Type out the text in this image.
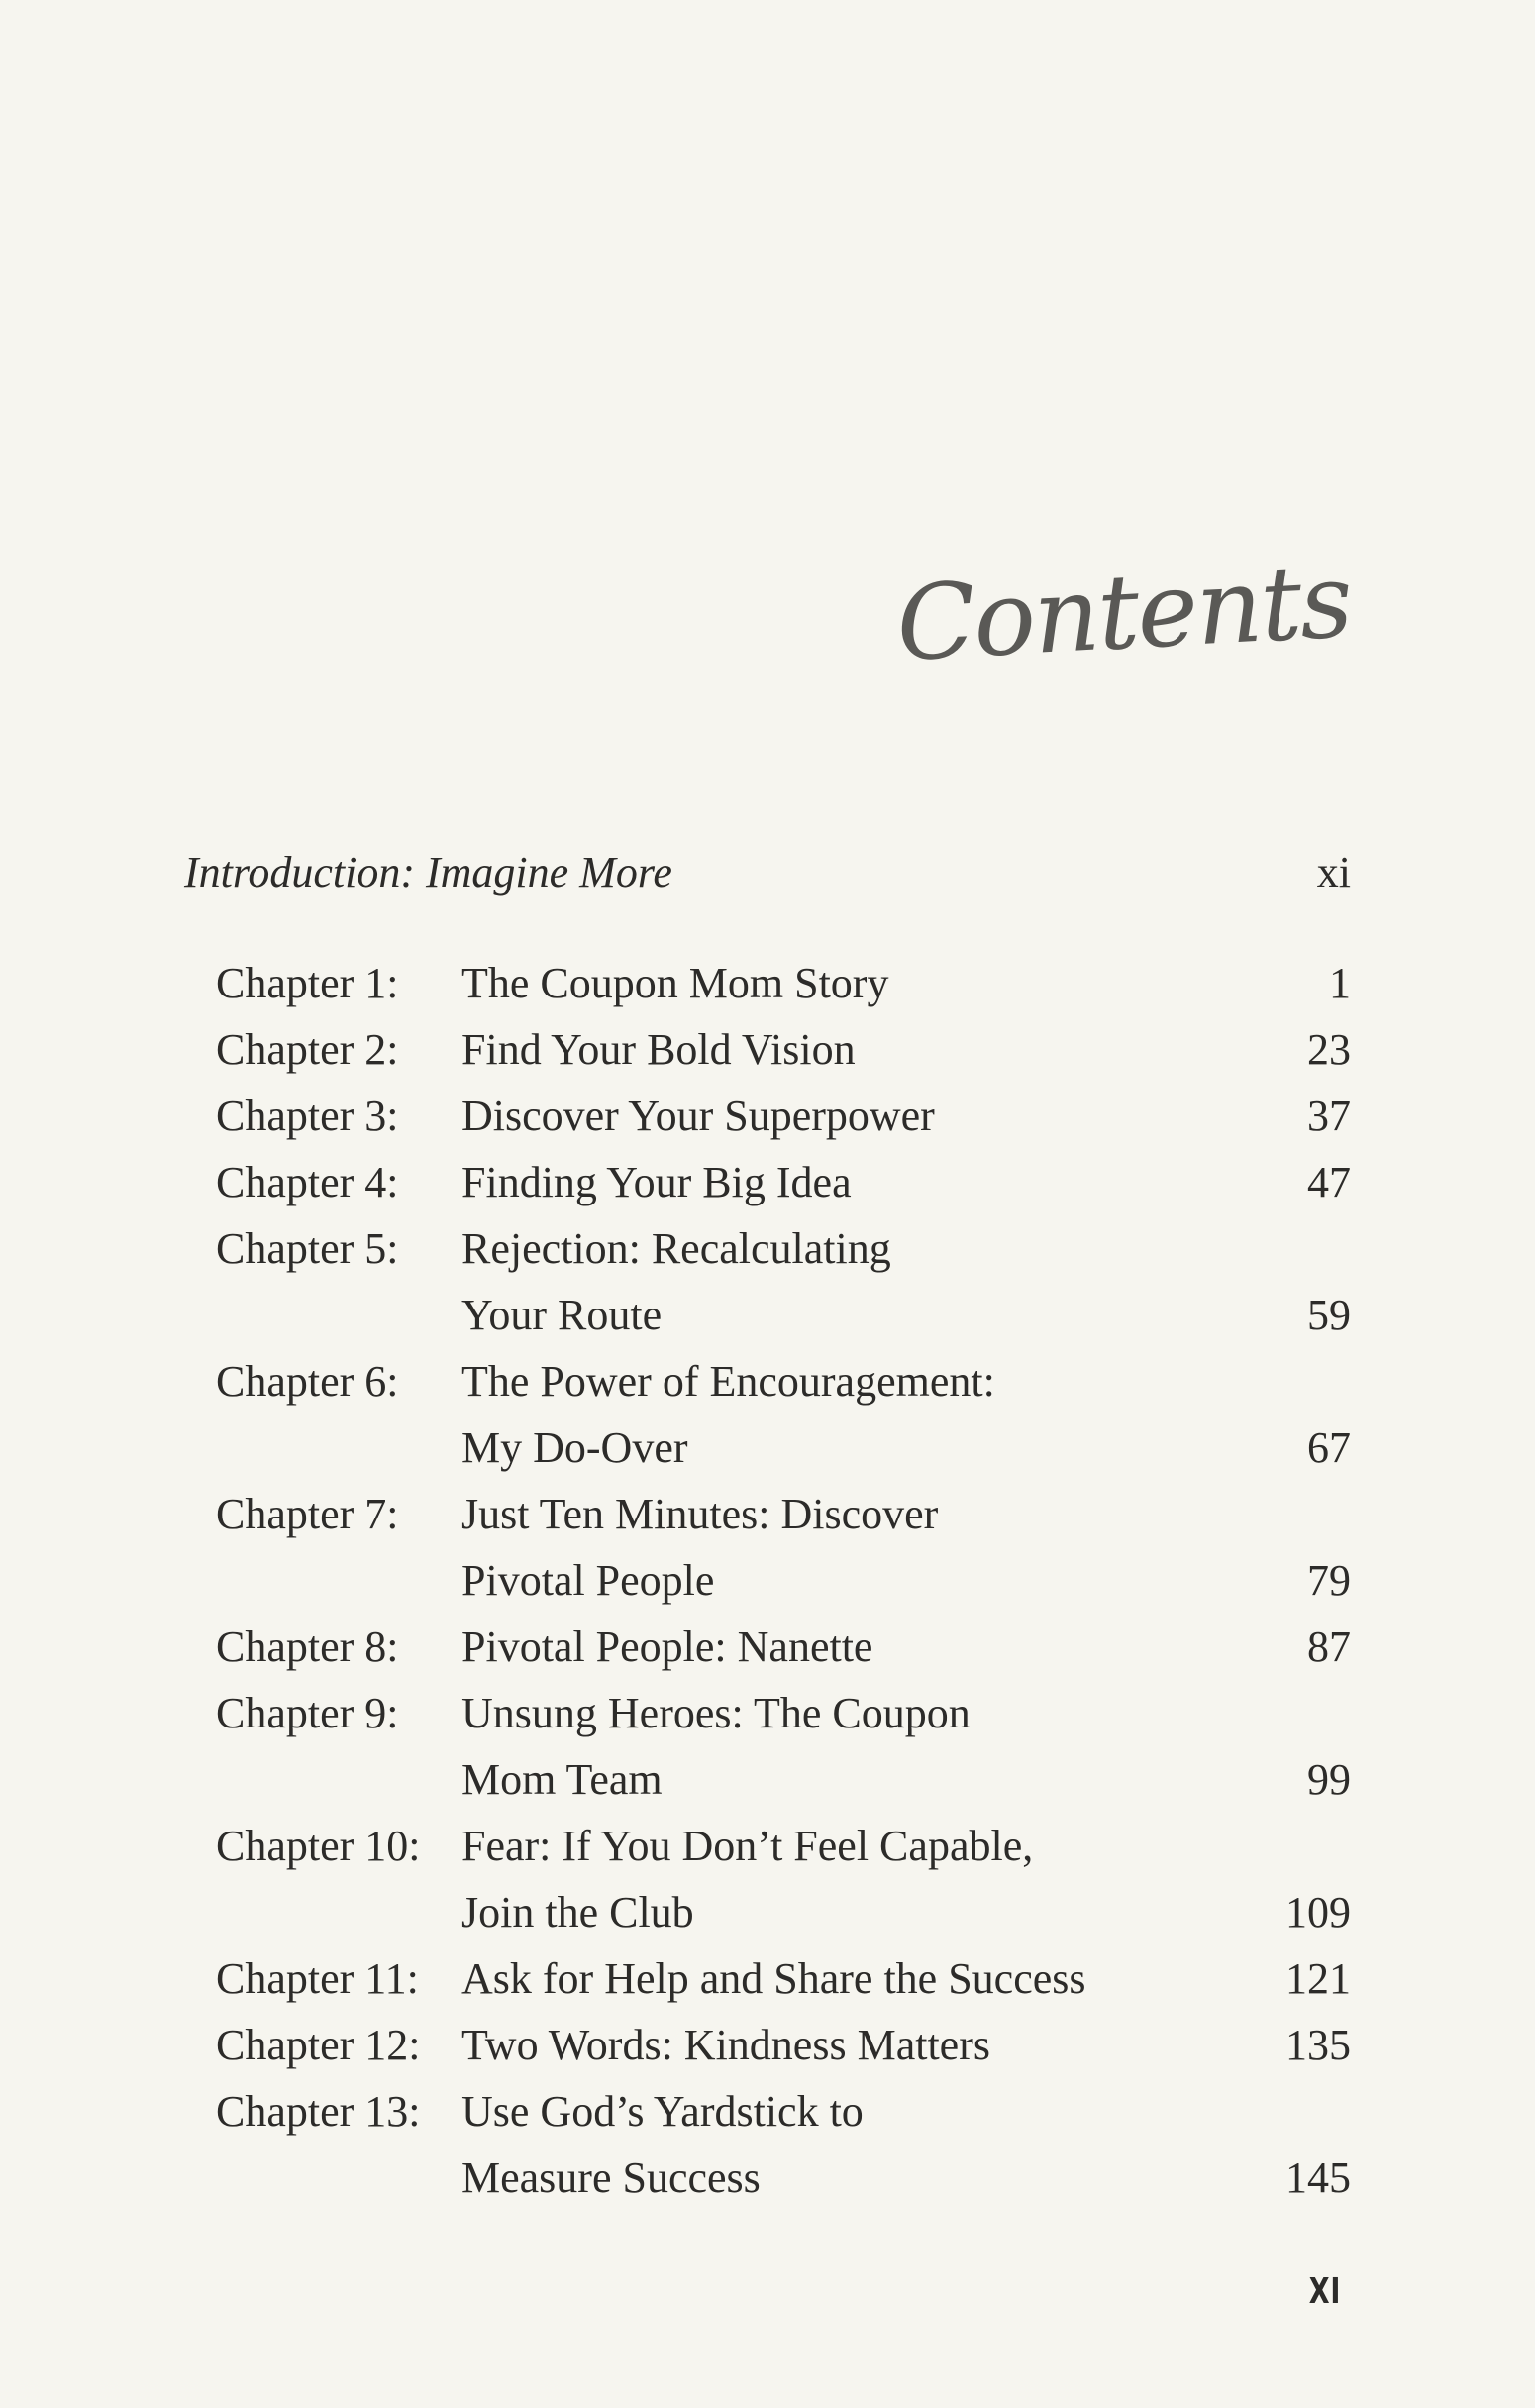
Contents
Introduction: Imagine More	xi
Chapter 1: The Coupon Mom Story	1
Chapter 2: Find Your Bold Vision	23
Chapter 3: Discover Your Superpower	37
Chapter 4: Finding Your Big Idea	47
Chapter 5: Rejection: Recalculating
Your Route	59
Chapter 6: The Power of Encouragement:
My Do-Over	67
Chapter 7: Just Ten Minutes: Discover
Pivotal People	79
Chapter 8: Pivotal People: Nanette	87
Chapter 9: Unsung Heroes: The Coupon
Mom Team	99
Chapter 10: Fear: If You Don’t Feel Capable,
Join the Club	109
Chapter 11: Ask for Help and Share the Success	121
Chapter 12: Two Words: Kindness Matters	135
Chapter 13: Use God’s Yardstick to
Measure Success	145
XI
